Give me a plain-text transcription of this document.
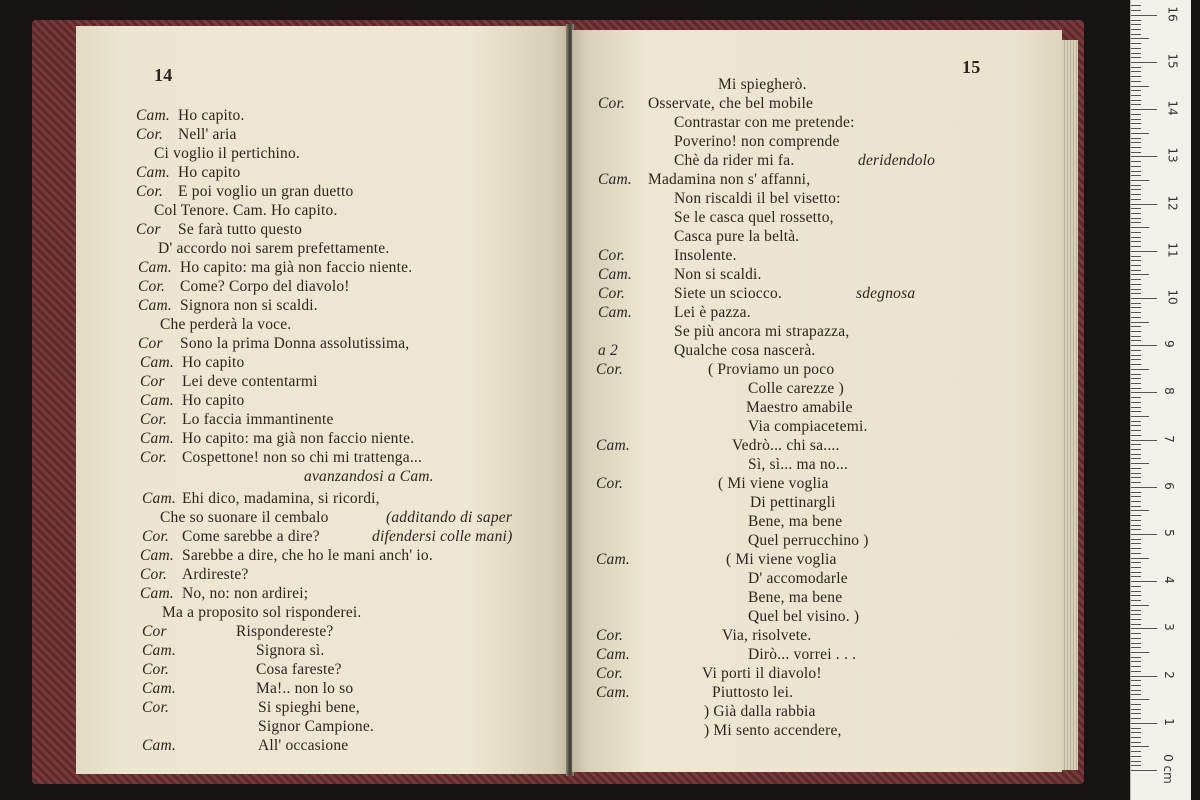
14
Cam. Ho capito.
Cor. Nell' aria
Ci voglio il pertichino.
Cam. Ho capito
Cor. E poi voglio un gran duetto
Col Tenore. Cam. Ho capito.
Cor Se farà tutto questo
D' accordo noi sarem prefettamente.
Cam. Ho capito: ma già non faccio niente.
Cor. Come? Corpo del diavolo!
Cam. Signora non si scaldi.
Che perderà la voce.
Cor Sono la prima Donna assolutissima,
Cam. Ho capito
Cor Lei deve contentarmi
Cam. Ho capito
Cor. Lo faccia immantinente
Cam. Ho capito: ma già non faccio niente.
Cor. Cospettone! non so chi mi trattenga...
avanzandosi a Cam.
Cam. Ehi dico, madamina, si ricordi,
Che so suonare il cembalo	(additando di saper
Cor. Come sarebbe a dire?	difendersi colle mani)
Cam. Sarebbe a dire, che ho le mani anch' io.
Cor. Ardireste?
Cam. No, no: non ardirei;
Ma a proposito sol risponderei.
Cor	Rispondereste?
Cam.	Signora sì.
Cor.	Cosa fareste?
Cam.	Ma!.. non lo so
Cor.	Si spieghi bene,
Signor Campione.
Cam.	All' occasione
15
Mi spiegherò.
Cor. Osservate, che bel mobile
Contrastar con me pretende:
Poverino! non comprende
Chè da rider mi fa.	deridendolo
Cam. Madamina non s' affanni,
Non riscaldi il bel visetto:
Se le casca quel rossetto,
Casca pure la beltà.
Cor.	Insolente.
Cam.	Non si scaldi.
Cor.	Siete un sciocco.	sdegnosa
Cam.	Lei è pazza.
Se più ancora mi strapazza,
a 2	Qualche cosa nascerà.
Cor.	( Proviamo un poco
Colle carezze )
Maestro amabile
Via compiacetemi.
Cam.	Vedrò... chi sa....
Sì, sì... ma no...
Cor.	( Mi viene voglia
Di pettinargli
Bene, ma bene
Quel perrucchino )
Cam.	( Mi viene voglia
D' accomodarle
Bene, ma bene
Quel bel visino. )
Cor.	Via, risolvete.
Cam.	Dirò... vorrei . . .
Cor.	Vi porti il diavolo!
Cam.	Piuttosto lei.
) Già dalla rabbia
) Mi sento accendere,
0 cm
1
2
3
4
5
6
7
8
9
10
11
12
13
14
15
16
